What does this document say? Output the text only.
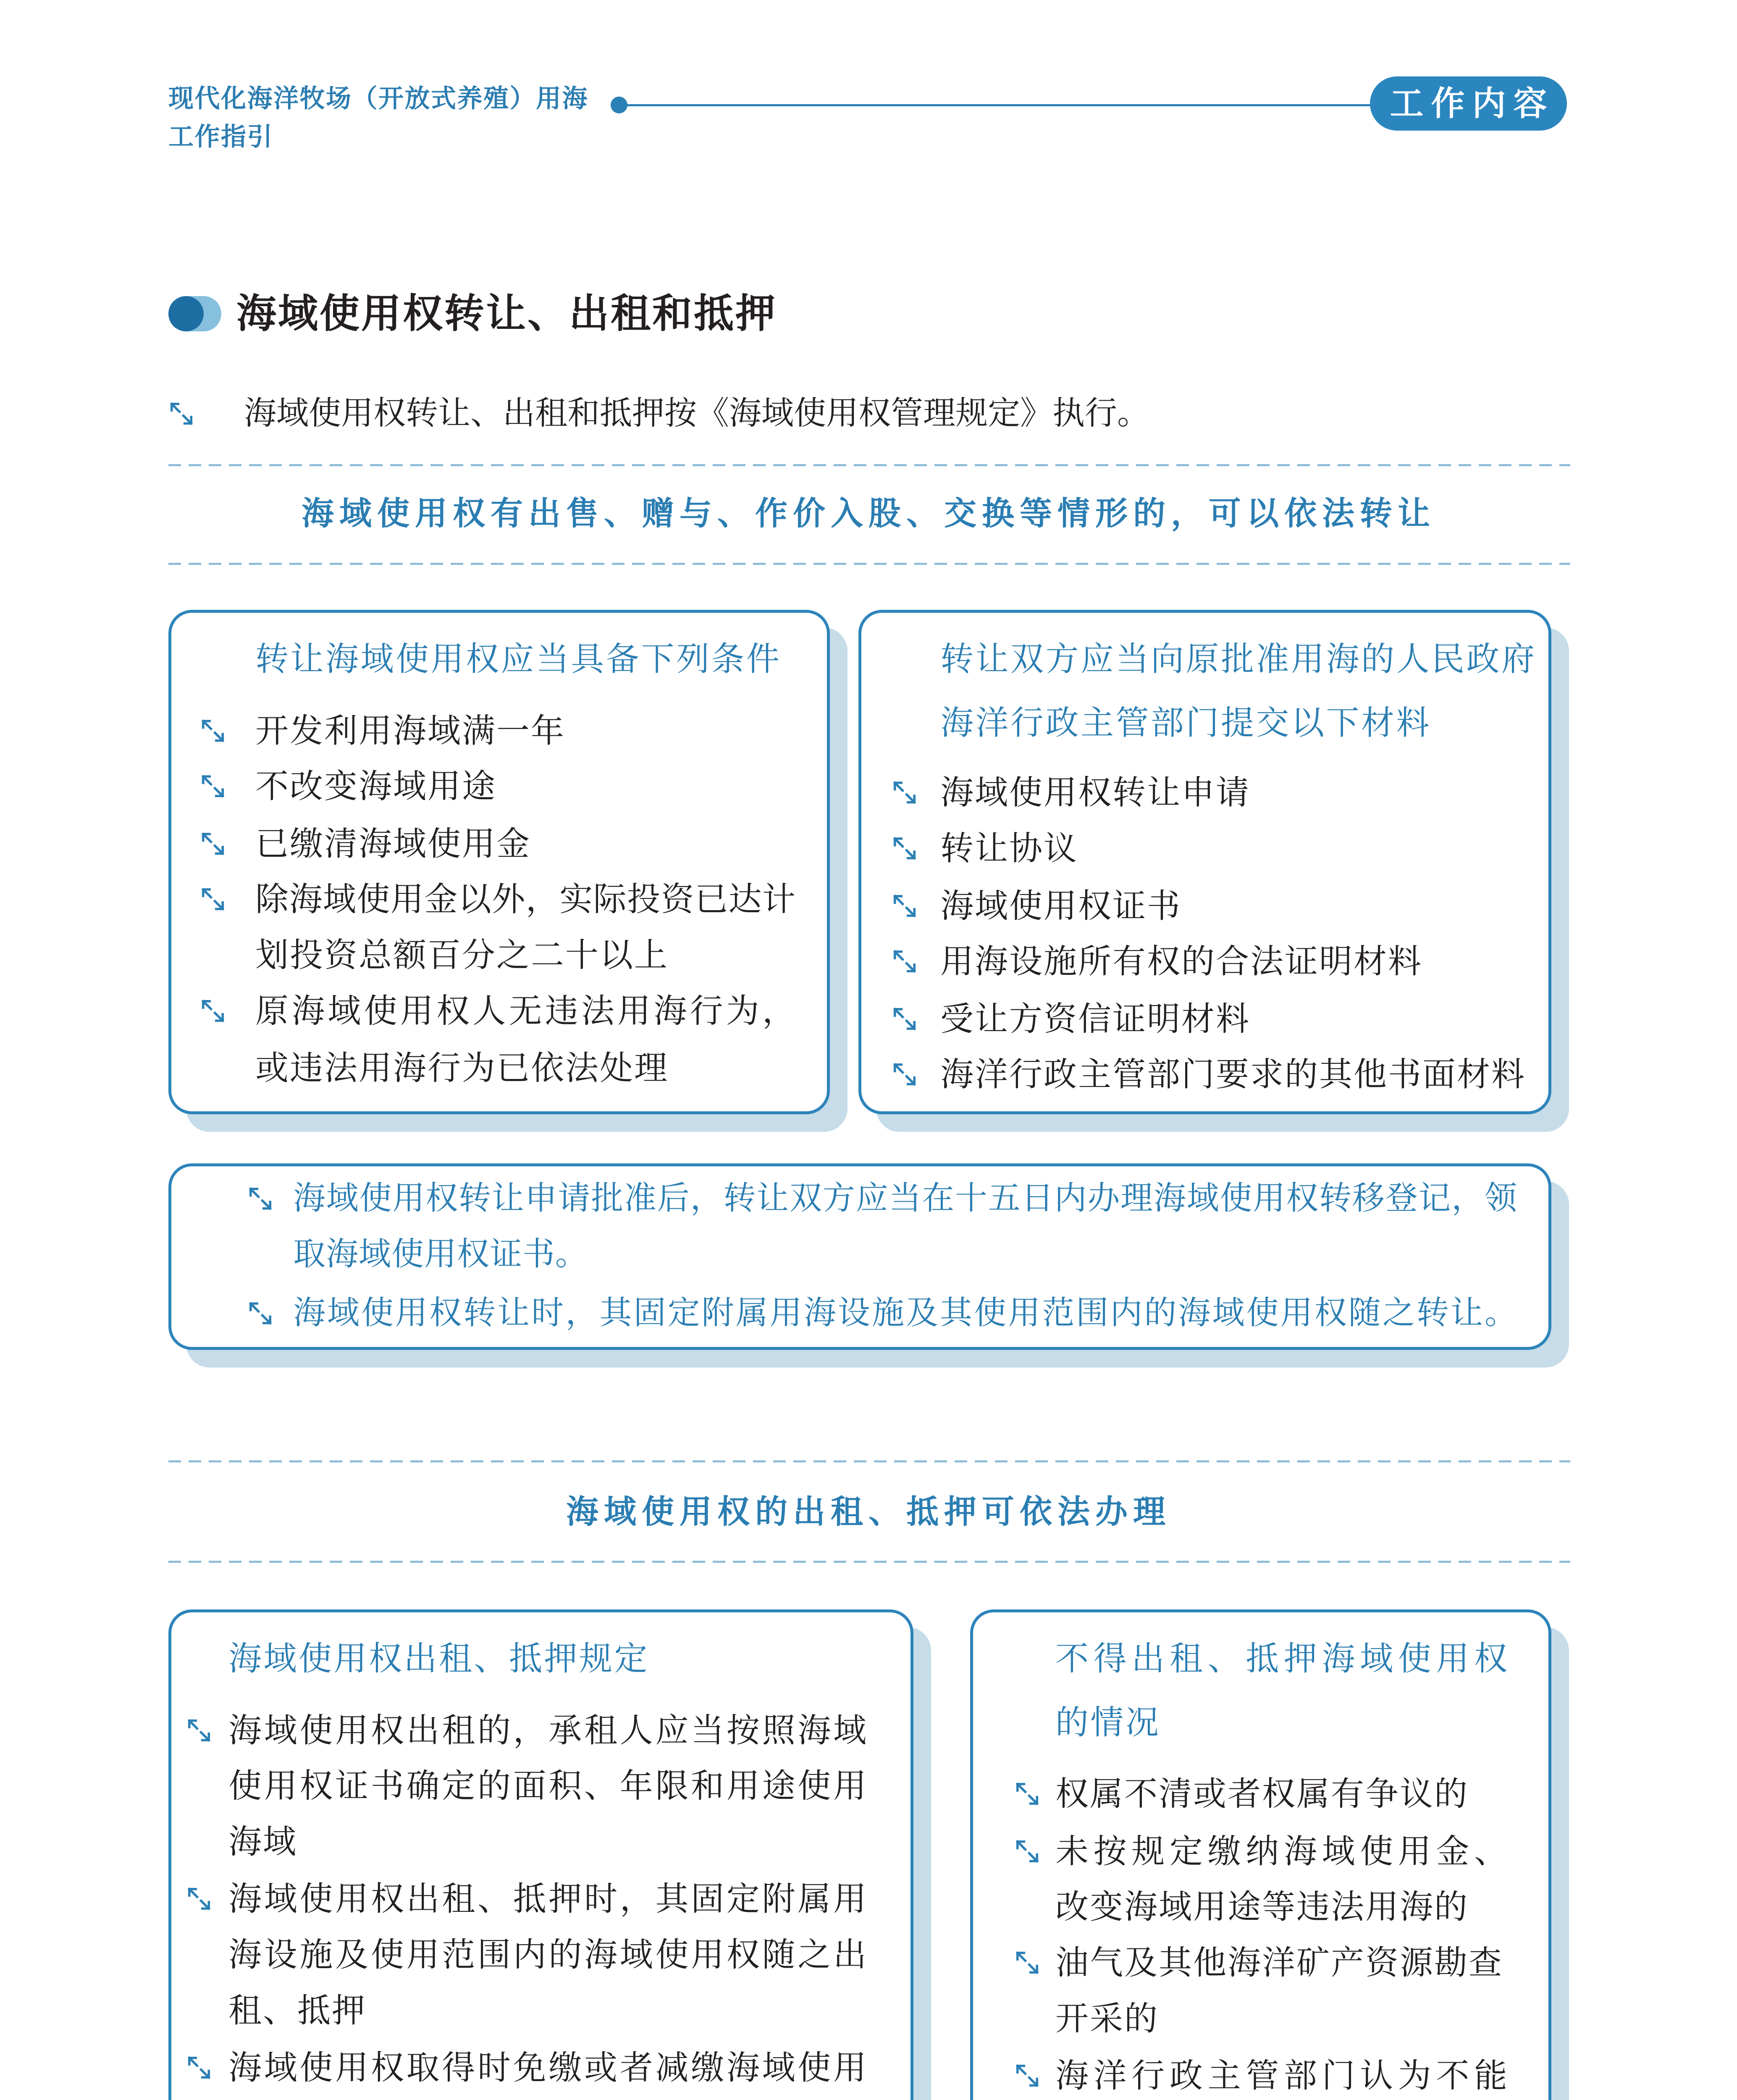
现代化海洋牧场（开放式养殖）用海
工作指引
工作内容
海域使用权转让、出租和抵押
海域使用权转让、出租和抵押按《海域使用权管理规定》执行。
海域使用权有出售、赠与、作价入股、交换等情形的，可以依法转让
转让海域使用权应当具备下列条件
开发利用海域满一年
不改变海域用途
已缴清海域使用金
除海域使用金以外，实际投资已达计
划投资总额百分之二十以上
原海域使用权人无违法用海行为，
或违法用海行为已依法处理
转让双方应当向原批准用海的人民政府
海洋行政主管部门提交以下材料
海域使用权转让申请
转让协议
海域使用权证书
用海设施所有权的合法证明材料
受让方资信证明材料
海洋行政主管部门要求的其他书面材料
海域使用权转让申请批准后，转让双方应当在十五日内办理海域使用权转移登记，领
取海域使用权证书。
海域使用权转让时，其固定附属用海设施及其使用范围内的海域使用权随之转让。
海域使用权的出租、抵押可依法办理
海域使用权出租、抵押规定
海域使用权出租的，承租人应当按照海域
使用权证书确定的面积、年限和用途使用
海域
海域使用权出租、抵押时，其固定附属用
海设施及使用范围内的海域使用权随之出
租、抵押
海域使用权取得时免缴或者减缴海域使用
不得出租、抵押海域使用权
的情况
权属不清或者权属有争议的
未按规定缴纳海域使用金、
改变海域用途等违法用海的
油气及其他海洋矿产资源勘查
开采的
海洋行政主管部门认为不能
